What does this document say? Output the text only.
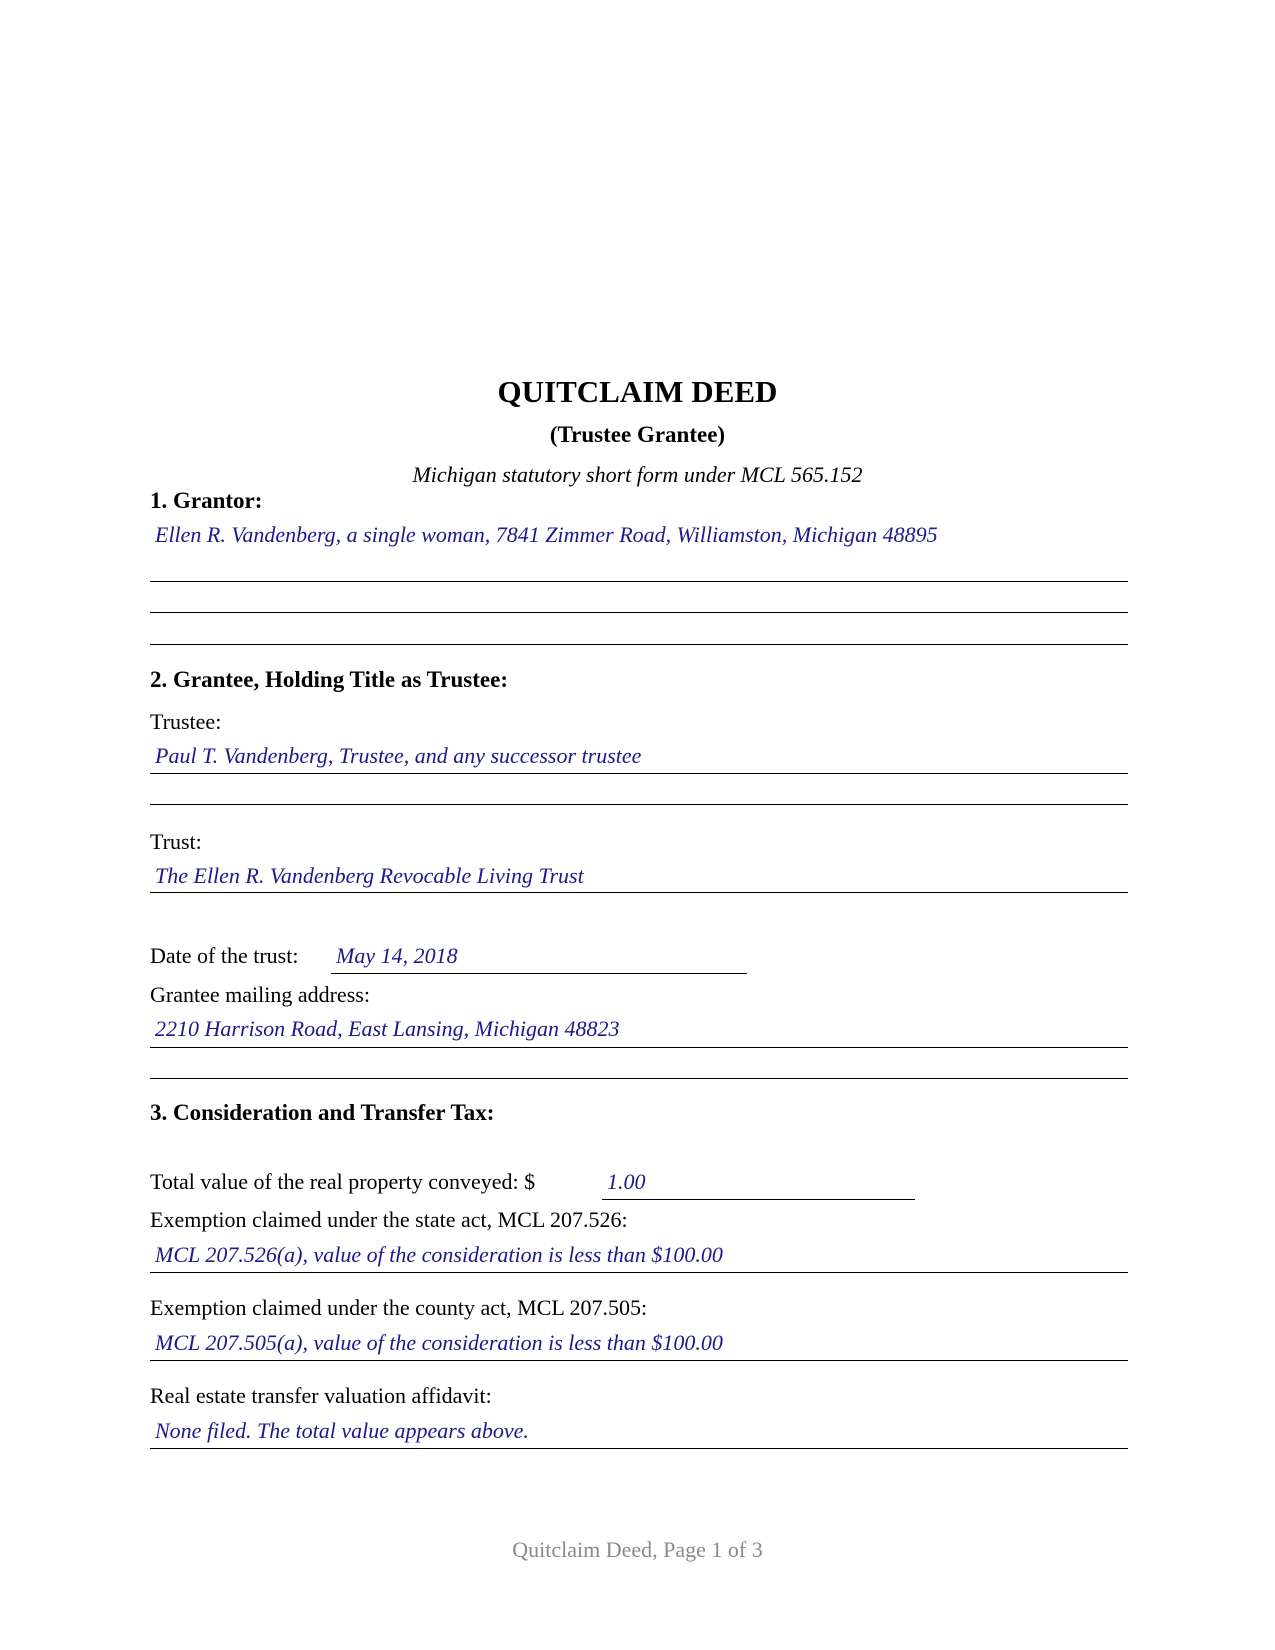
QUITCLAIM DEED
(Trustee Grantee)
Michigan statutory short form under MCL 565.152
1. Grantor:
Ellen R. Vandenberg, a single woman, 7841 Zimmer Road, Williamston, Michigan 48895
2. Grantee, Holding Title as Trustee:
Trustee:
Paul T. Vandenberg, Trustee, and any successor trustee
Trust:
The Ellen R. Vandenberg Revocable Living Trust
Date of the trust: May 14, 2018
Grantee mailing address:
2210 Harrison Road, East Lansing, Michigan 48823
3. Consideration and Transfer Tax:
Total value of the real property conveyed: $	1.00
Exemption claimed under the state act, MCL 207.526:
MCL 207.526(a), value of the consideration is less than $100.00
Exemption claimed under the county act, MCL 207.505:
MCL 207.505(a), value of the consideration is less than $100.00
Real estate transfer valuation affidavit:
None filed. The total value appears above.
Quitclaim Deed, Page 1 of 3
